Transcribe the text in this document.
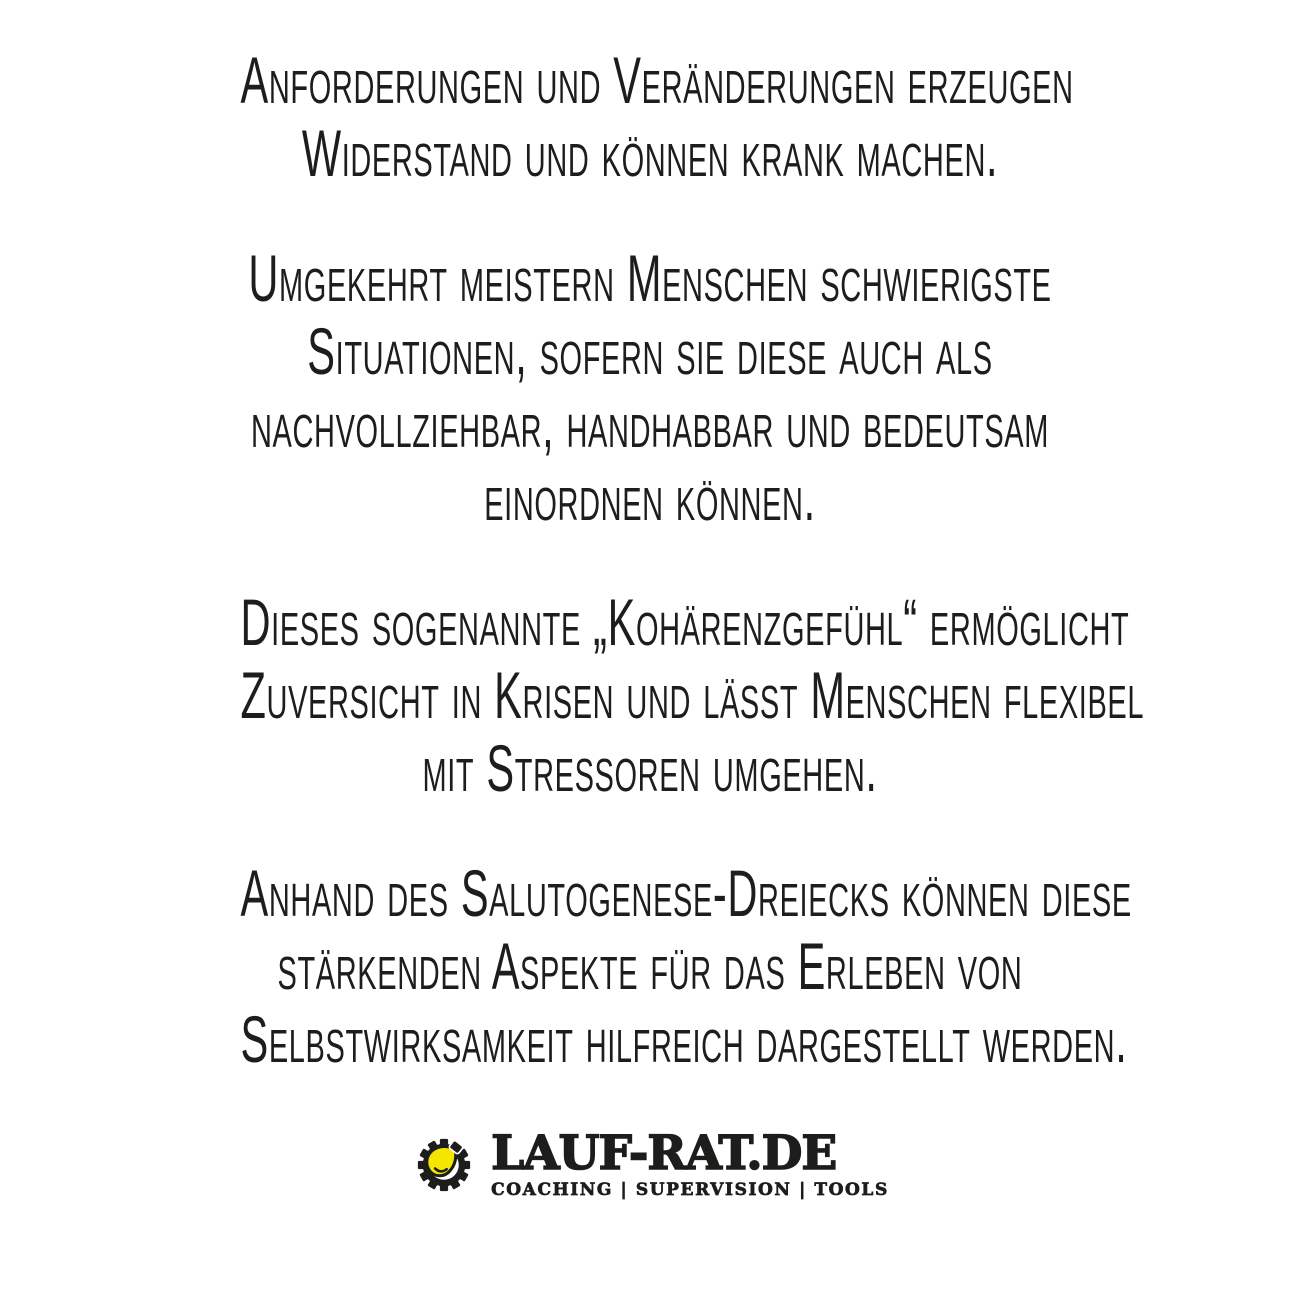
Anforderungen und Veränderungen erzeugen
Widerstand und können krank machen.
Umgekehrt meistern Menschen schwierigste
Situationen, sofern sie diese auch als
nachvollziehbar, handhabbar und bedeutsam
einordnen können.
Dieses sogenannte „Kohärenzgefühl“ ermöglicht
Zuversicht in Krisen und lässt Menschen flexibel
mit Stressoren umgehen.
Anhand des Salutogenese-Dreiecks können diese
stärkenden Aspekte für das Erleben von
Selbstwirksamkeit hilfreich dargestellt werden.
LAUF-RAT.DE
COACHING | SUPERVISION | TOOLS
